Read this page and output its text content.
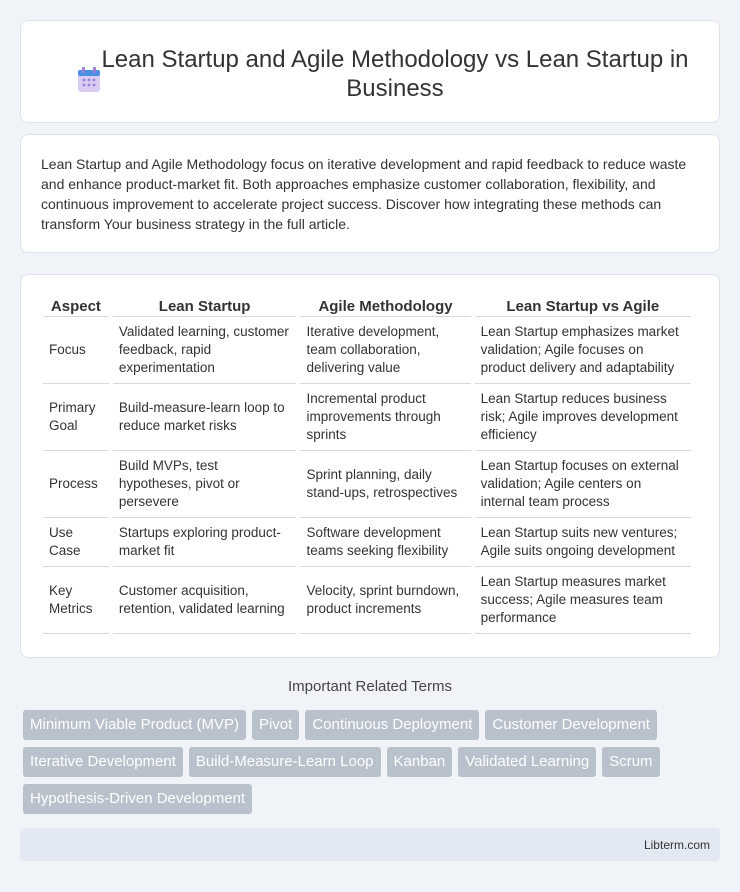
Lean Startup and Agile Methodology vs Lean Startup in Business

Lean Startup and Agile Methodology focus on iterative development and rapid feedback to reduce waste and enhance product-market fit. Both approaches emphasize customer collaboration, flexibility, and continuous improvement to accelerate project success. Discover how integrating these methods can transform Your business strategy in the full article.

Aspect	Lean Startup	Agile Methodology	Lean Startup vs Agile
Focus	Validated learning, customer feedback, rapid experimentation	Iterative development, team collaboration, delivering value	Lean Startup emphasizes market validation; Agile focuses on product delivery and adaptability
Primary Goal	Build-measure-learn loop to reduce market risks	Incremental product improvements through sprints	Lean Startup reduces business risk; Agile improves development efficiency
Process	Build MVPs, test hypotheses, pivot or persevere	Sprint planning, daily stand-ups, retrospectives	Lean Startup focuses on external validation; Agile centers on internal team process
Use Case	Startups exploring product-market fit	Software development teams seeking flexibility	Lean Startup suits new ventures; Agile suits ongoing development
Key Metrics	Customer acquisition, retention, validated learning	Velocity, sprint burndown, product increments	Lean Startup measures market success; Agile measures team performance
Important Related Terms
Minimum Viable Product (MVP) Pivot Continuous Deployment Customer DevelopmentIterative Development Build-Measure-Learn Loop Kanban Validated Learning ScrumHypothesis-Driven Development
Libterm.com
